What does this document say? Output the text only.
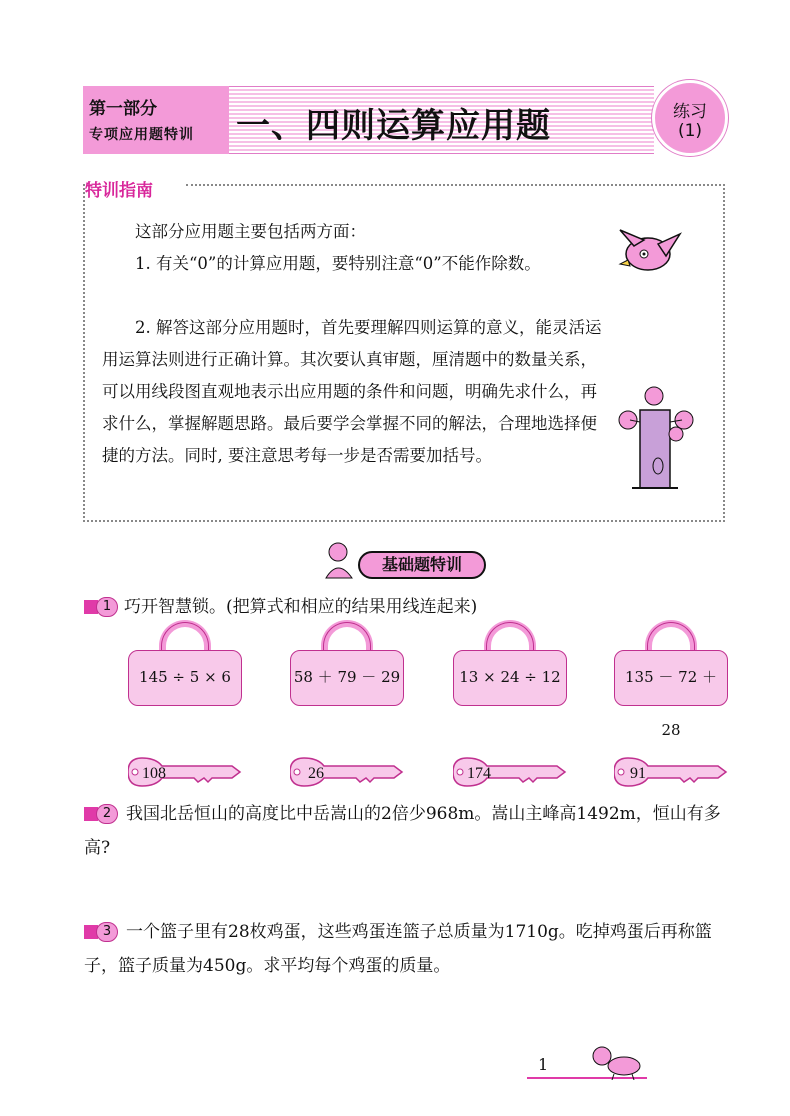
第一部分
专项应用题特训 一、四则运算应用题	练习
(1)
特训指南
这部分应用题主要包括两方面：
1. 有关“0”的计算应用题，要特别注意“0”不能作除数。
2. 解答这部分应用题时，首先要理解四则运算的意义，能灵活运用运算法则进行正确计算。其次要认真审题，厘清题中的数量关系，可以用线段图直观地表示出应用题的条件和问题，明确先求什么，再求什么，掌握解题思路。最后要学会掌握不同的解法，合理地选择便捷的方法。同时, 要注意思考每一步是否需要加括号。
基础题特训
1 巧开智慧锁。(把算式和相应的结果用线连起来)
145 ÷ 5 × 6	58 ＋ 79 － 29	13 × 24 ÷ 12	135 － 72 ＋ 28
108	26	174	91
2 我国北岳恒山的高度比中岳嵩山的2倍少968m。嵩山主峰高1492m，恒山有多高?
3 一个篮子里有28枚鸡蛋，这些鸡蛋连篮子总质量为1710g。吃掉鸡蛋后再称篮子，篮子质量为450g。求平均每个鸡蛋的质量。
1
